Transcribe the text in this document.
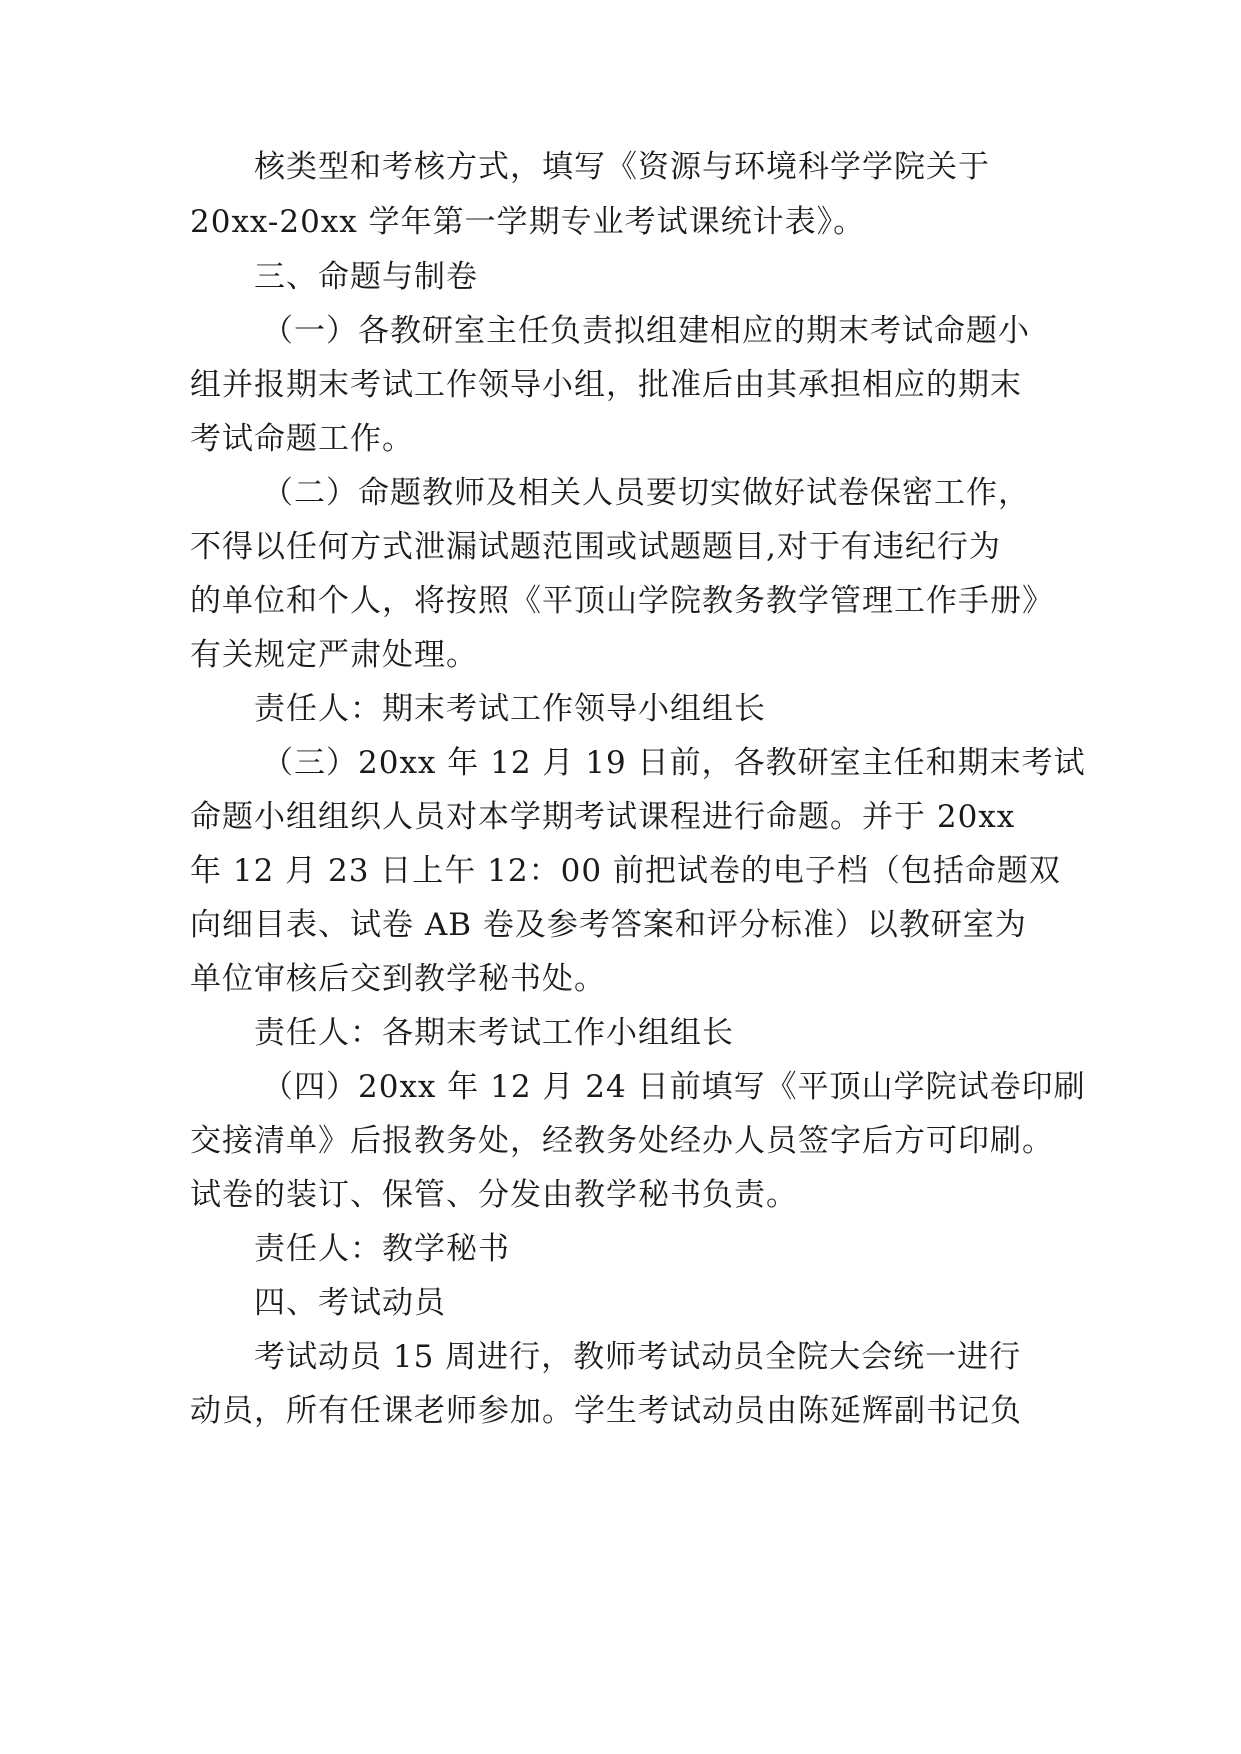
核类型和考核方式，填写《资源与环境科学学院关于
20xx-20xx 学年第一学期专业考试课统计表》。
三、命题与制卷
（一）各教研室主任负责拟组建相应的期末考试命题小
组并报期末考试工作领导小组，批准后由其承担相应的期末
考试命题工作。
（二）命题教师及相关人员要切实做好试卷保密工作，
不得以任何方式泄漏试题范围或试题题目,对于有违纪行为
的单位和个人，将按照《平顶山学院教务教学管理工作手册》
有关规定严肃处理。
责任人：期末考试工作领导小组组长
（三）20xx 年 12 月 19 日前，各教研室主任和期末考试
命题小组组织人员对本学期考试课程进行命题。并于 20xx
年 12 月 23 日上午 12：00 前把试卷的电子档（包括命题双
向细目表、试卷 AB 卷及参考答案和评分标准）以教研室为
单位审核后交到教学秘书处。
责任人：各期末考试工作小组组长
（四）20xx 年 12 月 24 日前填写《平顶山学院试卷印刷
交接清单》后报教务处，经教务处经办人员签字后方可印刷。
试卷的装订、保管、分发由教学秘书负责。
责任人：教学秘书
四、考试动员
考试动员 15 周进行，教师考试动员全院大会统一进行
动员，所有任课老师参加。学生考试动员由陈延辉副书记负
